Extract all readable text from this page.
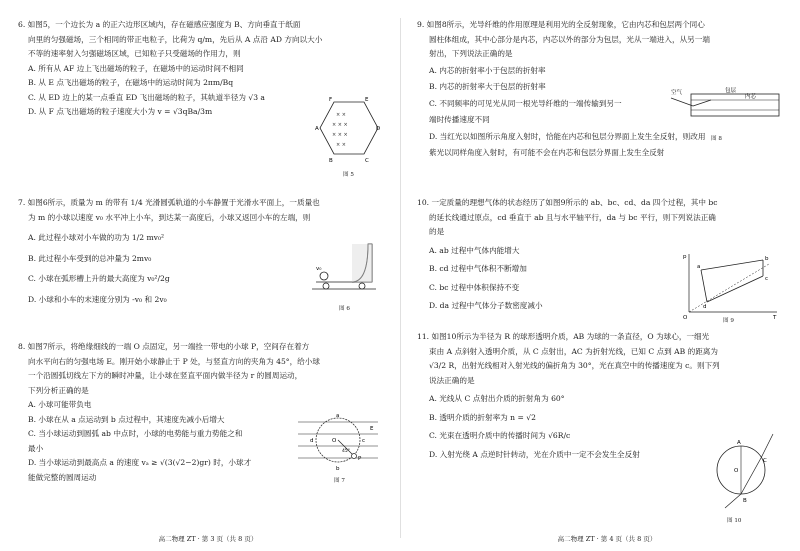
6. 如图5，一个边长为 a 的正六边形区域内，存在磁感应强度为 B、方向垂直于纸面

向里的匀强磁场，三个相同的带正电粒子，比荷为 q/m，先后从 A 点沿 AD 方向以大小

不等的速率射入匀强磁场区域，已知粒子只受磁场的作用力，则

A. 所有从 AF 边上飞出磁场的粒子，在磁场中的运动时间不相同

B. 从 E 点飞出磁场的粒子，在磁场中的运动时间为 2πm/Bq

C. 从 ED 边上的某一点垂直 ED 飞出磁场的粒子，其轨道半径为 √3 a

D. 从 F 点飞出磁场的粒子速度大小为 v = √3qBa/3m	× ×
× × ×
× × ×
× ×
F	E
A	D
B	C
图 5

7. 如图6所示，质量为 m 的带有 1/4 光滑圆弧轨道的小车静置于光滑水平面上，一质量也

为 m 的小球以速度 v₀ 水平冲上小车，到达某一高度后，小球又返回小车的左端，则

A. 此过程小球对小车做的功为 1/2 mv₀²

B. 此过程小车受到的总冲量为 2mv₀

C. 小球在弧形槽上升的最大高度为 v₀²/2g

D. 小球和小车的末速度分别为 -v₀ 和 2v₀

v₀
图 6

8. 如图7所示，将绝缘细线的一端 O 点固定，另一端拴一带电的小球 P，空间存在着方

向水平向右的匀强电场 E。刚开始小球静止于 P 处，与竖直方向的夹角为 45°，给小球

一个沿圆弧切线左下方的瞬时冲量，让小球在竖直平面内做半径为 r 的圆周运动，

下列分析正确的是

A. 小球可能带负电

B. 小球在从 a 点运动到 b 点过程中，其速度先减小后增大

C. 当小球运动到圆弧 ab 中点时，小球的电势能与重力势能之和

最小

D. 当小球运动到最高点 a 的速度 vₐ ≥ √(3(√2−2)gr) 时，小球才

能做完整的圆周运动

a
d	O	c
b
P
45°
E
图 7
高二物理 ZT · 第 3 页（共 8 页）

9. 如图8所示，光导纤维的作用原理是利用光的全反射现象，它由内芯和包层两个同心

圆柱体组成，其中心部分是内芯，内芯以外的部分为包层，光从一端进入，从另一端

射出，下列说法正确的是

A. 内芯的折射率小于包层的折射率

B. 内芯的折射率大于包层的折射率

C. 不同频率的可见光从同一根光导纤维的一端传输到另一

端时传播速度不同

D. 当红光以如图所示角度入射时，恰能在内芯和包层分界面上发生全反射，则改用

紫光以同样角度入射时，有可能不会在内芯和包层分界面上发生全反射

包层
内芯
空气
图 8

10. 一定质量的理想气体的状态经历了如图9所示的 ab、bc、cd、da 四个过程，其中 bc

的延长线通过原点，cd 垂直于 ab 且与水平轴平行，da 与 bc 平行，则下列说法正确

的是

A. ab 过程中气体内能增大

B. cd 过程中气体积不断增加

C. bc 过程中体积保持不变

D. da 过程中气体分子数密度减小

p
a
b
c
d
O	T
图 9

11. 如图10所示为半径为 R 的球形透明介质，AB 为球的一条直径，O 为球心，一细光

束由 A 点斜射入透明介质，从 C 点射出，AC 为折射光线，已知 C 点到 AB 的距离为

√3/2 R，出射光线相对入射光线的偏折角为 30°，光在真空中的传播速度为 c。则下列

说法正确的是

A. 光线从 C 点射出介质的折射角为 60°

B. 透明介质的折射率为 n = √2

C. 光束在透明介质中的传播时间为 √6R/c

D. 入射光绕 A 点逆时针转动，光在介质中一定不会发生全反射

A
O
C
B
图 10
高二物理 ZT · 第 4 页（共 8 页）
